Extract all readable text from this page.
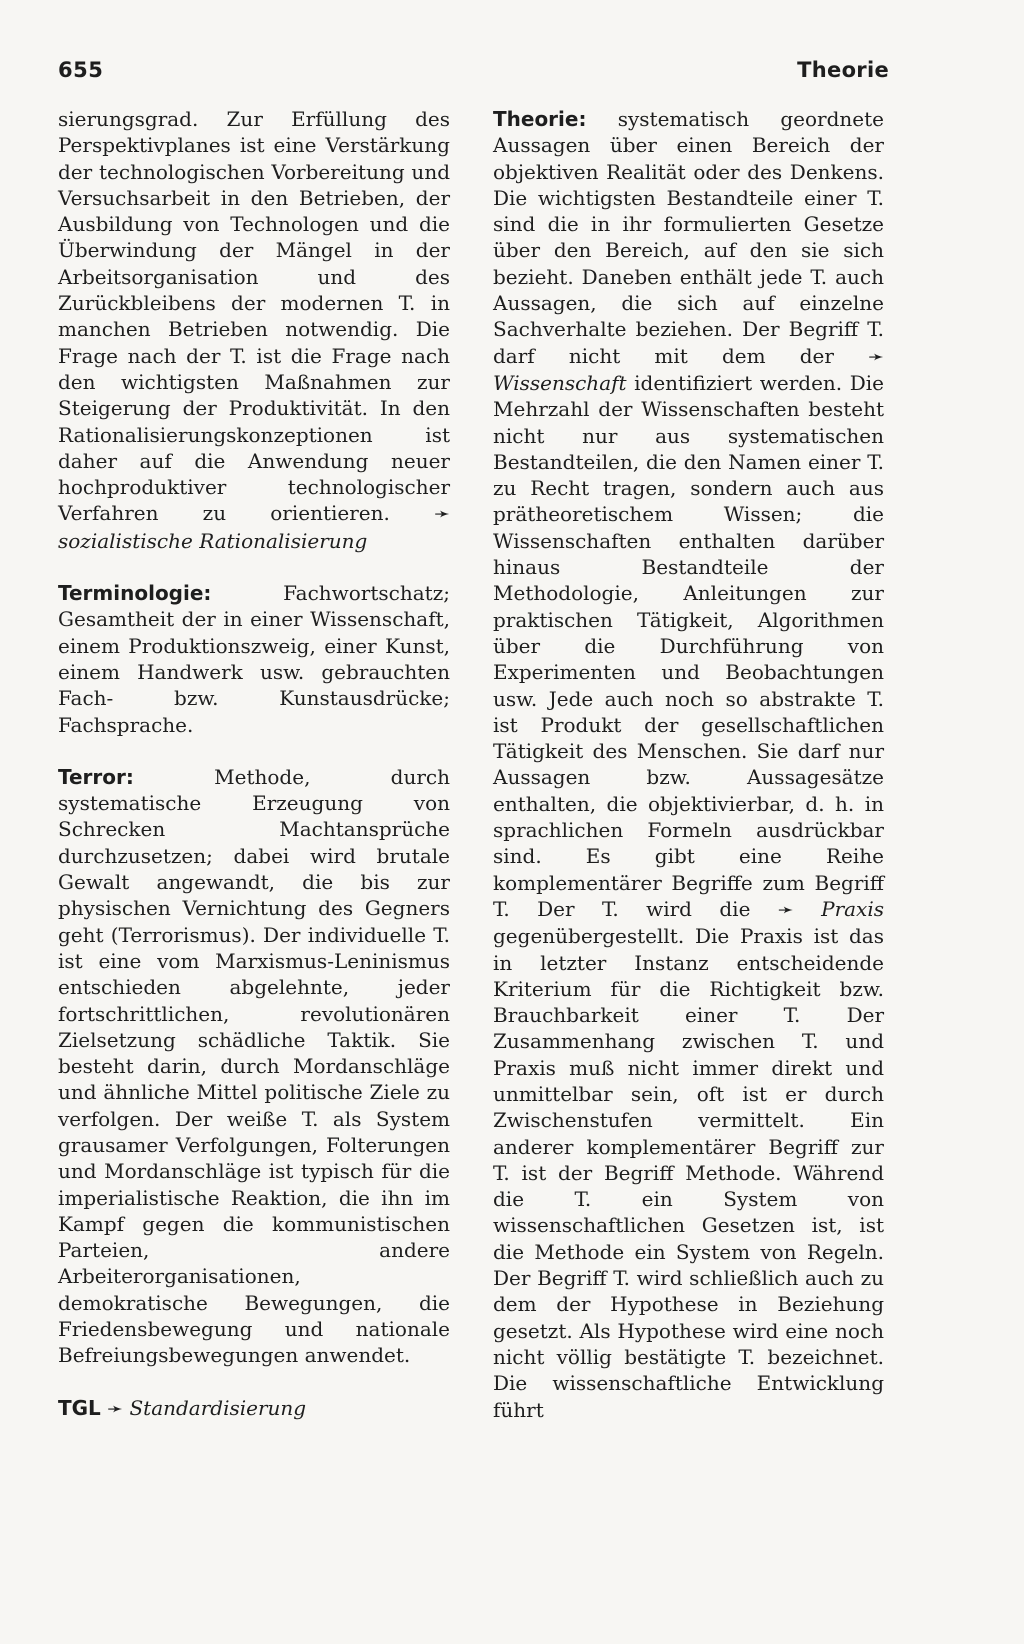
655	Theorie

sierungsgrad. Zur Erfüllung des Perspektivplanes ist eine Verstärkung der technologischen Vorbereitung und Versuchsarbeit in den Betrieben, der Ausbildung von Technologen und die Überwindung der Mängel in der Arbeitsorganisation und des Zurückbleibens der modernen T. in manchen Betrieben notwendig. Die Frage nach der T. ist die Frage nach den wichtigsten Maßnahmen zur Steigerung der Produktivität. In den Rationalisierungskonzeptionen ist daher auf die Anwendung neuer hochproduktiver technologischer Verfahren zu orientieren. ➛ sozialistische Rationalisierung

Terminologie:	Fachwortschatz; Gesamtheit der in einer Wissenschaft, einem Produktionszweig, einer Kunst, einem Handwerk usw. gebrauchten Fach- bzw. Kunstausdrücke; Fachsprache.

Terror:	Methode, durch systematische Erzeugung von Schrecken Machtansprüche durchzusetzen; dabei wird brutale Gewalt angewandt, die bis zur physischen Vernichtung des Gegners geht (Terrorismus). Der individuelle T. ist eine vom Marxismus-Leninismus entschieden abgelehnte, jeder fortschrittlichen, revolutionären Zielsetzung schädliche Taktik. Sie besteht darin, durch Mordanschläge und ähnliche Mittel politische Ziele zu verfolgen. Der weiße T. als System grausamer Verfolgungen, Folterungen und Mordanschläge ist typisch für die imperialistische Reaktion, die ihn im Kampf gegen die kommunistischen Parteien, andere Arbeiterorganisationen, demokratische Bewegungen, die Friedensbewegung und nationale Befreiungsbewegungen anwendet.

TGL ➛ Standardisierung

Theorie: systematisch geordnete Aussagen über einen Bereich der objektiven Realität oder des Denkens. Die wichtigsten Bestandteile einer T. sind die in ihr formulierten Gesetze über den Bereich, auf den sie sich bezieht. Daneben enthält jede T. auch Aussagen, die sich auf einzelne Sachverhalte beziehen. Der Begriff T. darf nicht mit dem der ➛ Wissenschaft identifiziert werden. Die Mehrzahl der Wissenschaften besteht nicht nur aus systematischen Bestandteilen, die den Namen einer T. zu Recht tragen, sondern auch aus prätheoretischem Wissen; die Wissenschaften enthalten darüber hinaus Bestandteile der Methodologie, Anleitungen zur praktischen Tätigkeit, Algorithmen über die Durchführung von Experimenten und Beobachtungen usw. Jede auch noch so abstrakte T. ist Produkt der gesellschaftlichen Tätigkeit des Menschen. Sie darf nur Aussagen bzw. Aussagesätze enthalten, die objektivierbar, d. h. in sprachlichen Formeln ausdrückbar sind. Es gibt eine Reihe komplementärer Begriffe zum Begriff T. Der T. wird die ➛ Praxis gegenübergestellt. Die Praxis ist das in letzter Instanz entscheidende Kriterium für die Richtigkeit bzw. Brauchbarkeit einer T. Der Zusammenhang zwischen T. und Praxis muß nicht immer direkt und unmittelbar sein, oft ist er durch Zwischenstufen vermittelt. Ein anderer komplementärer Begriff zur T. ist der Begriff Methode. Während die T. ein System von wissenschaftlichen Gesetzen ist, ist die Methode ein System von Regeln. Der Begriff T. wird schließlich auch zu dem der Hypothese in Beziehung gesetzt. Als Hypothese wird eine noch nicht völlig bestätigte T. bezeichnet. Die wissenschaftliche Entwicklung führt
